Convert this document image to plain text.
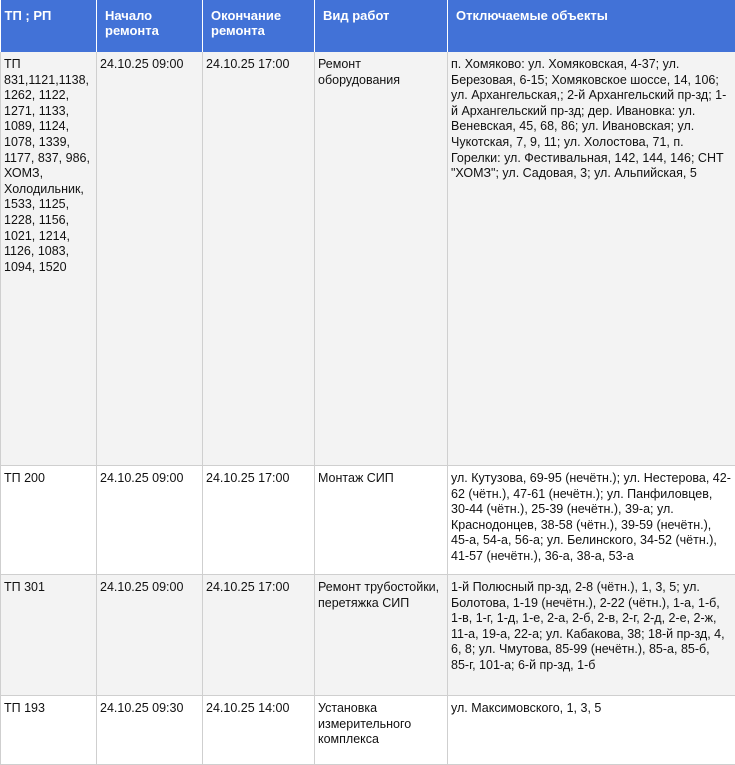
ТП ; РП	Начало ремонта	Окончание ремонта	Вид работ	Отключаемые объекты
ТП 831,1121,1138, 1262, 1122, 1271, 1133, 1089, 1124, 1078, 1339, 1177, 837, 986, ХОМЗ, Холодильник, 1533, 1125, 1228, 1156, 1021, 1214, 1126, 1083, 1094, 1520	24.10.25 09:00	24.10.25 17:00	Ремонт оборудования	п. Хомяково: ул. Хомяковская, 4-37; ул. Березовая, 6-15; Хомяковское шоссе, 14, 106; ул. Архангельская,; 2-й Архангельский пр-зд; 1-й Архангельский пр-зд; дер. Ивановка: ул. Веневская, 45, 68, 86; ул. Ивановская; ул. Чукотская, 7, 9, 11; ул. Холостова, 71, п. Горелки: ул. Фестивальная, 142, 144, 146; СНТ "ХОМЗ"; ул. Садовая, 3; ул. Альпийская, 5
ТП 200	24.10.25 09:00	24.10.25 17:00	Монтаж СИП	ул. Кутузова, 69-95 (нечётн.); ул. Нестерова, 42-62 (чётн.), 47-61 (нечётн.); ул. Панфиловцев, 30-44 (чётн.), 25-39 (нечётн.), 39-а; ул. Краснодонцев, 38-58 (чётн.), 39-59 (нечётн.), 45-а, 54-а, 56-а; ул. Белинского, 34-52 (чётн.), 41-57 (нечётн.), 36-а, 38-а, 53-а
ТП 301	24.10.25 09:00	24.10.25 17:00	Ремонт трубостойки, перетяжка СИП	1-й Полюсный пр-зд, 2-8 (чётн.), 1, 3, 5; ул. Болотова, 1-19 (нечётн.), 2-22 (чётн.), 1-а, 1-б, 1-в, 1-г, 1-д, 1-е, 2-а, 2-б, 2-в, 2-г, 2-д, 2-е, 2-ж, 11-а, 19-а, 22-а; ул. Кабакова, 38; 18-й пр-зд, 4, 6, 8; ул. Чмутова, 85-99 (нечётн.), 85-а, 85-б, 85-г, 101-а; 6-й пр-зд, 1-б
ТП 193	24.10.25 09:30	24.10.25 14:00	Установка измерительного комплекса	ул. Максимовского, 1, 3, 5
